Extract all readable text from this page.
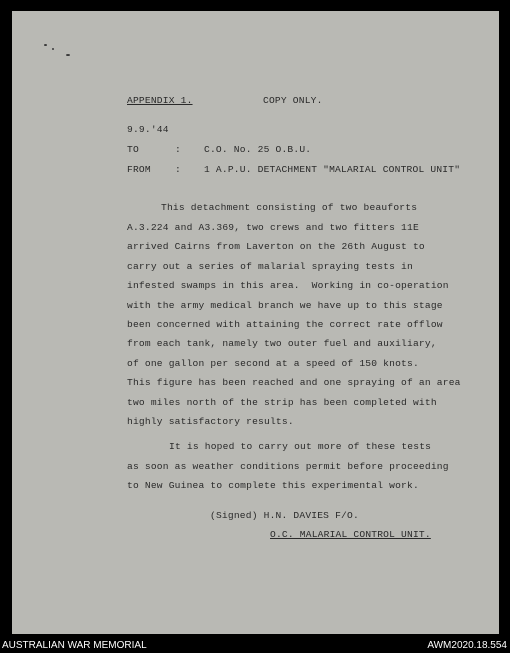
APPENDIX 1.	COPY ONLY.
9.9.'44
TO	: C.O. No. 25 O.B.U.
FROM	: 1 A.P.U. DETACHMENT "MALARIAL CONTROL UNIT"
This detachment consisting of two beauforts
A.3.224 and A3.369, two crews and two fitters 11E
arrived Cairns from Laverton on the 26th August to
carry out a series of malarial spraying tests in
infested swamps in this area.  Working in co-operation
with the army medical branch we have up to this stage
been concerned with attaining the correct rate offlow
from each tank, namely two outer fuel and auxiliary,
of one gallon per second at a speed of 150 knots.
This figure has been reached and one spraying of an area
two miles north of the strip has been completed with
highly satisfactory results.
It is hoped to carry out more of these tests
as soon as weather conditions permit before proceeding
to New Guinea to complete this experimental work.
(Signed) H.N. DAVIES F/O.
O.C. MALARIAL CONTROL UNIT.
AUSTRALIAN WAR MEMORIAL	AWM2020.18.554
